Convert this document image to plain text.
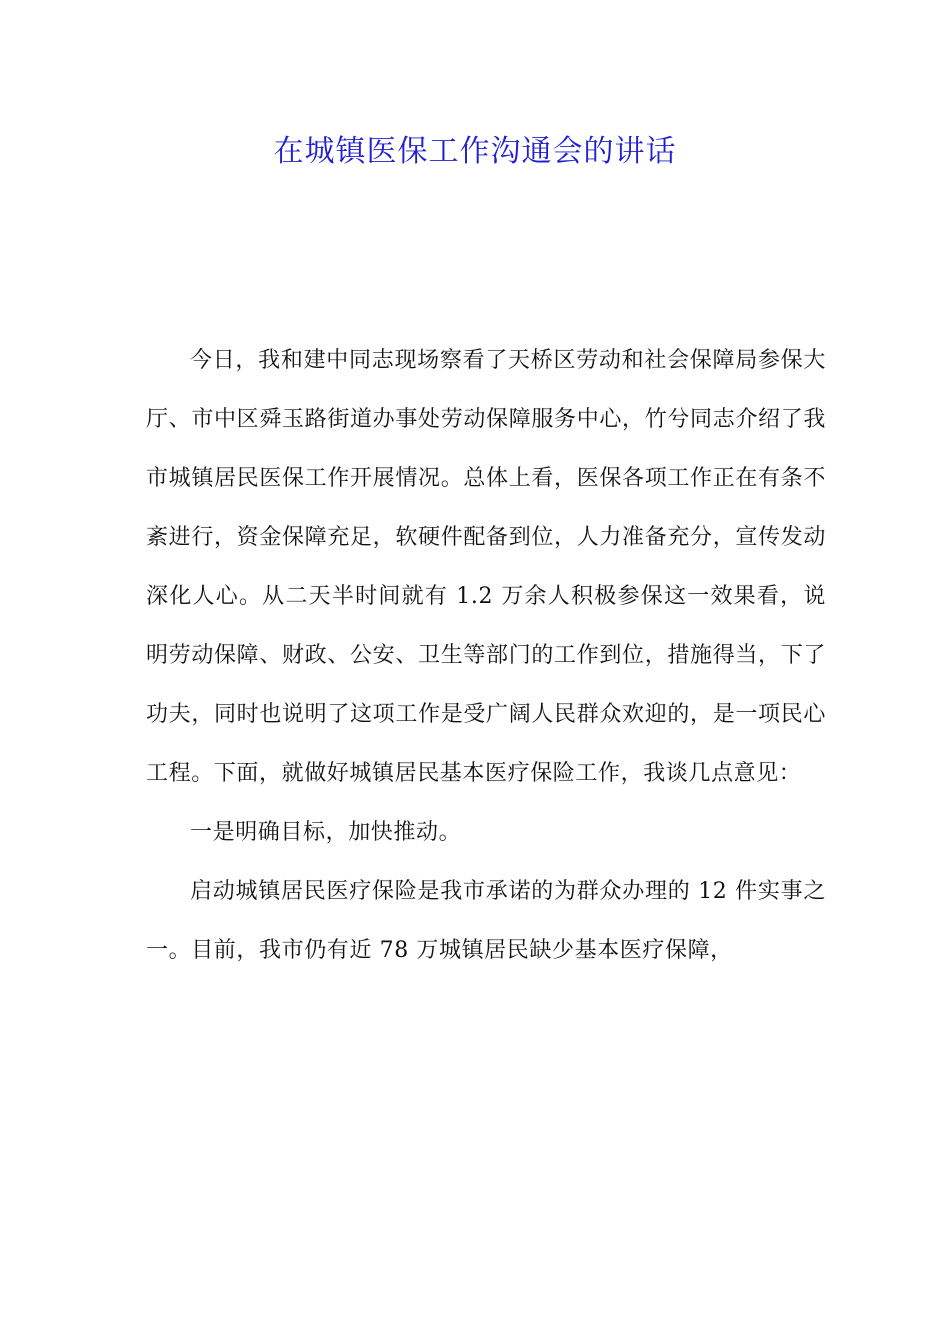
在城镇医保工作沟通会的讲话

今日，我和建中同志现场察看了天桥区劳动和社会保障局参保大厅、市中区舜玉路街道办事处劳动保障服务中心，竹兮同志介绍了我市城镇居民医保工作开展情况。总体上看，医保各项工作正在有条不紊进行，资金保障充足，软硬件配备到位，人力准备充分，宣传发动深化人心。从二天半时间就有 1.2 万余人积极参保这一效果看，说明劳动保障、财政、公安、卫生等部门的工作到位，措施得当，下了功夫，同时也说明了这项工作是受广阔人民群众欢迎的，是一项民心工程。下面，就做好城镇居民基本医疗保险工作，我谈几点意见：

一是明确目标，加快推动。

启动城镇居民医疗保险是我市承诺的为群众办理的 12 件实事之一。目前，我市仍有近 78 万城镇居民缺少基本医疗保障，
